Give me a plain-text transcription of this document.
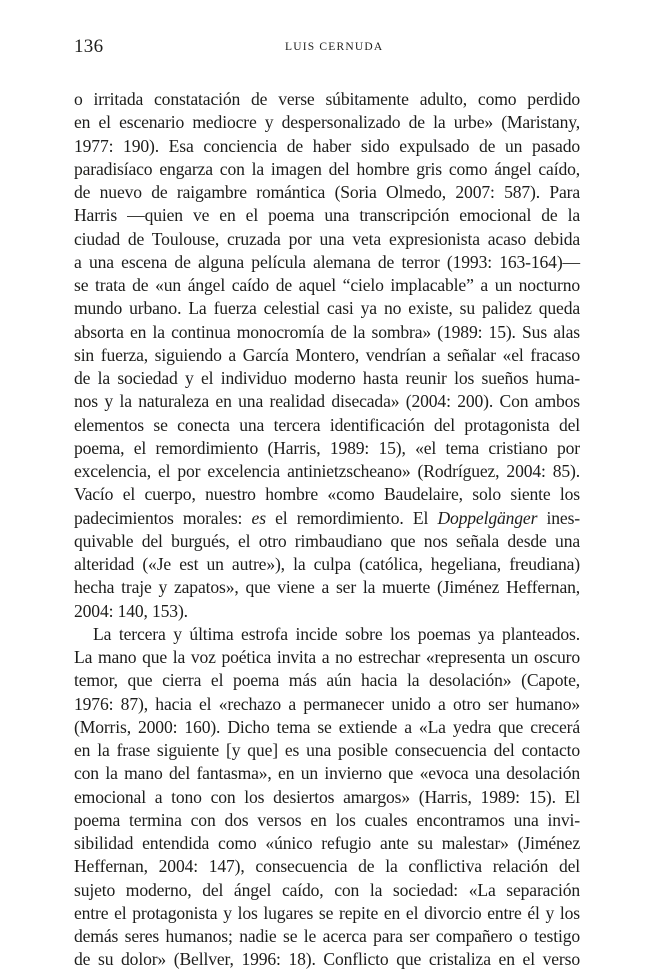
136	LUIS CERNUDA
o irritada constatación de verse súbitamente adulto, como perdido
en el escenario mediocre y despersonalizado de la urbe» (Maristany,
1977: 190). Esa conciencia de haber sido expulsado de un pasado
paradisíaco engarza con la imagen del hombre gris como ángel caído,
de nuevo de raigambre romántica (Soria Olmedo, 2007: 587). Para
Harris —quien ve en el poema una transcripción emocional de la
ciudad de Toulouse, cruzada por una veta expresionista acaso debida
a una escena de alguna película alemana de terror (1993: 163-164)—
se trata de «un ángel caído de aquel “cielo implacable” a un nocturno
mundo urbano. La fuerza celestial casi ya no existe, su palidez queda
absorta en la continua monocromía de la sombra» (1989: 15). Sus alas
sin fuerza, siguiendo a García Montero, vendrían a señalar «el fracaso
de la sociedad y el individuo moderno hasta reunir los sueños huma-
nos y la naturaleza en una realidad disecada» (2004: 200). Con ambos
elementos se conecta una tercera identificación del protagonista del
poema, el remordimiento (Harris, 1989: 15), «el tema cristiano por
excelencia, el por excelencia antinietzscheano» (Rodríguez, 2004: 85).
Vacío el cuerpo, nuestro hombre «como Baudelaire, solo siente los
padecimientos morales: es el remordimiento. El Doppelgänger ines-
quivable del burgués, el otro rimbaudiano que nos señala desde una
alteridad («Je est un autre»), la culpa (católica, hegeliana, freudiana)
hecha traje y zapatos», que viene a ser la muerte (Jiménez Heffernan,
2004: 140, 153).
La tercera y última estrofa incide sobre los poemas ya planteados.
La mano que la voz poética invita a no estrechar «representa un oscuro
temor, que cierra el poema más aún hacia la desolación» (Capote,
1976: 87), hacia el «rechazo a permanecer unido a otro ser humano»
(Morris, 2000: 160). Dicho tema se extiende a «La yedra que crecerá
en la frase siguiente [y que] es una posible consecuencia del contacto
con la mano del fantasma», en un invierno que «evoca una desolación
emocional a tono con los desiertos amargos» (Harris, 1989: 15). El
poema termina con dos versos en los cuales encontramos una invi-
sibilidad entendida como «único refugio ante su malestar» (Jiménez
Heffernan, 2004: 147), consecuencia de la conflictiva relación del
sujeto moderno, del ángel caído, con la sociedad: «La separación
entre el protagonista y los lugares se repite en el divorcio entre él y los
demás seres humanos; nadie se le acerca para ser compañero o testigo
de su dolor» (Bellver, 1996: 18). Conflicto que cristaliza en el verso
